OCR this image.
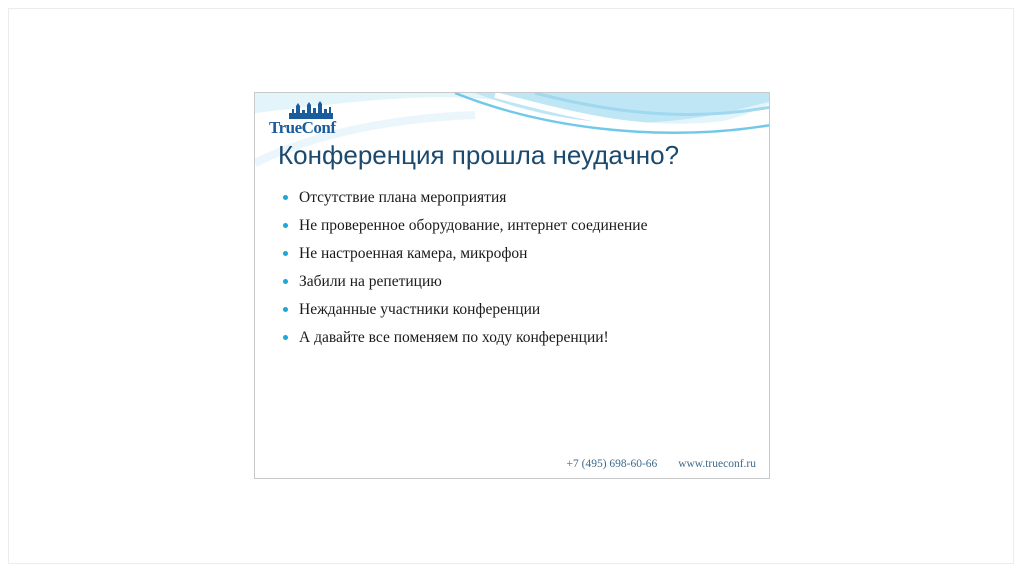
TrueConf
Конференция прошла неудачно?
Отсутствие плана мероприятия
Не проверенное оборудование, интернет соединение
Не настроенная камера, микрофон
Забили на репетицию
Нежданные участники конференции
А давайте все поменяем по ходу конференции!
+7 (495) 698-60-66 www.trueconf.ru
